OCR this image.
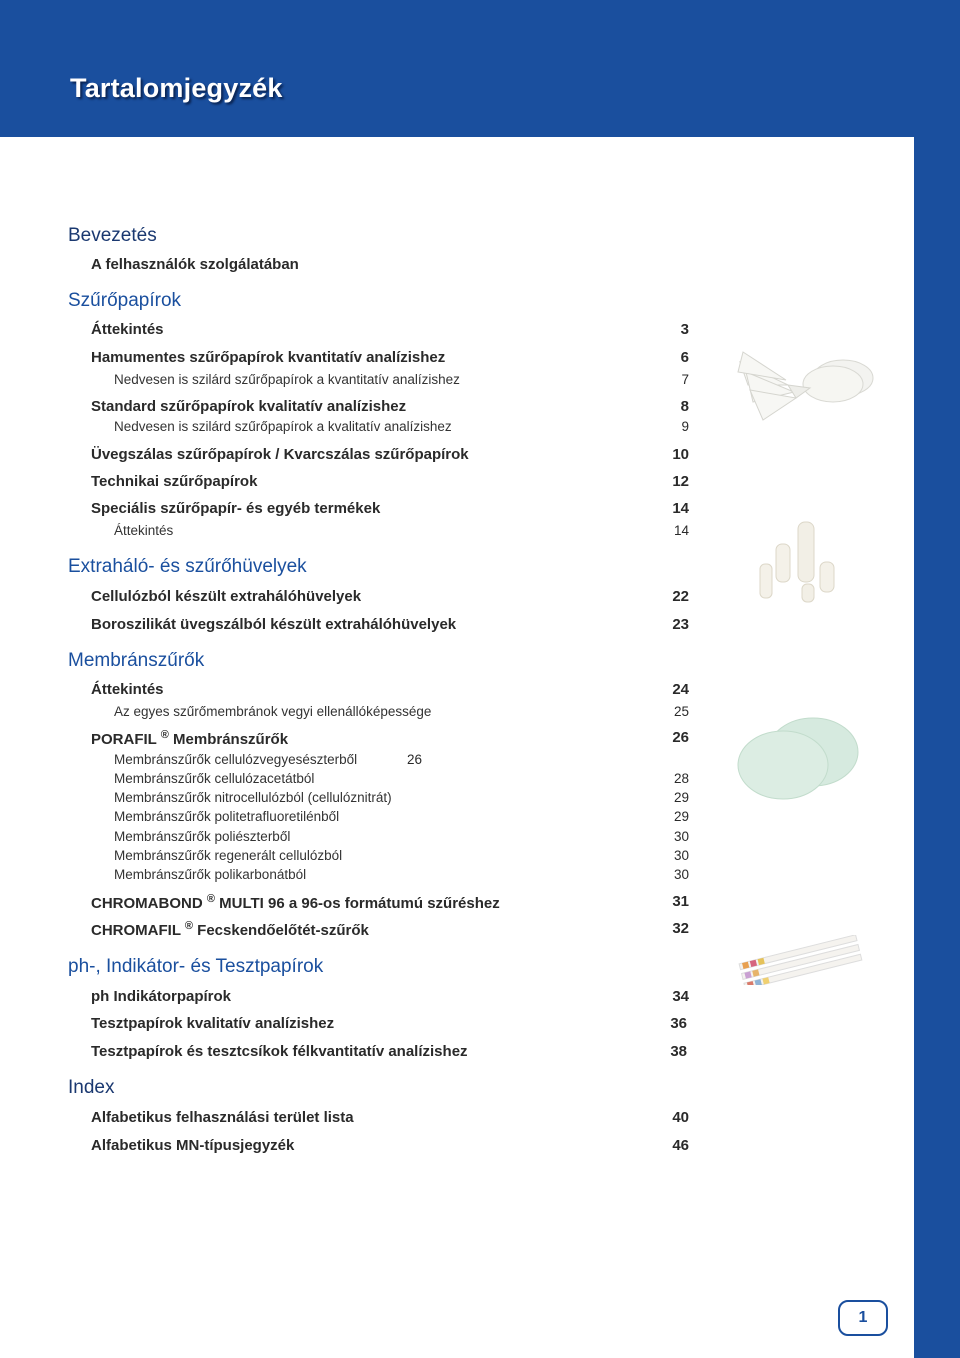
Tartalomjegyzék
Bevezetés
A felhasználók szolgálatában
Szűrőpapírok
Áttekintés	3
Hamumentes szűrőpapírok kvantitatív analízishez	6
Nedvesen is szilárd szűrőpapírok a kvantitatív analízishez	7
Standard szűrőpapírok kvalitatív analízishez	8
Nedvesen is szilárd szűrőpapírok a kvalitatív analízishez	9
Üvegszálas szűrőpapírok / Kvarcszálas szűrőpapírok	10
Technikai szűrőpapírok	12
Speciális szűrőpapír- és egyéb termékek	14
Áttekintés	14
Extraháló- és szűrőhüvelyek
Cellulózból készült extrahálóhüvelyek	22
Boroszilikát üvegszálból készült extrahálóhüvelyek	23
Membránszűrők
Áttekintés	24
Az egyes szűrőmembránok vegyi ellenállóképessége	25
PORAFIL ® Membránszűrők	26
Membránszűrők cellulózvegyesészterből	26
Membránszűrők cellulózacetátból	28
Membránszűrők nitrocellulózból (cellulóznitrát)	29
Membránszűrők politetrafluoretilénből	29
Membránszűrők poliészterből	30
Membránszűrők regenerált cellulózból	30
Membránszűrők polikarbonátból	30
CHROMABOND ® MULTI 96 a 96-os formátumú szűréshez	31
CHROMAFIL ® Fecskendőelőtét-szűrők	32
ph-, Indikátor- és Tesztpapírok
ph Indikátorpapírok	34
Tesztpapírok kvalitatív analízishez	36
Tesztpapírok és tesztcsíkok félkvantitatív analízishez	38
Index
Alfabetikus felhasználási terület lista	40
Alfabetikus MN-típusjegyzék	46
1
